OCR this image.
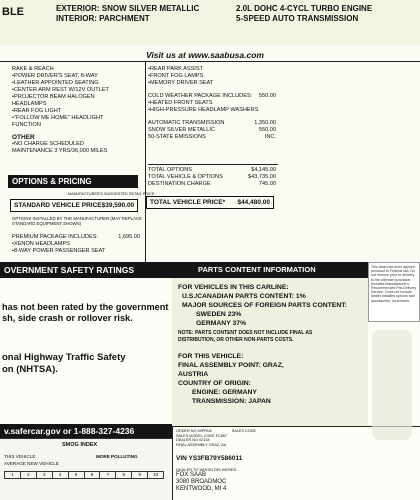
BLE	EXTERIOR: SNOW SILVER METALLIC
INTERIOR: PARCHMENT
2.0L DOHC 4-CYCL TURBO ENGINE
5-SPEED AUTO TRANSMISSION
Visit us at www.saabusa.com
RAKE & REACH
•POWER DRIVER'S SEAT, 8-WAY
•LEATHER APPOINTED SEATING
•CENTER ARM REST W/12V OUTLET
•PROJECTOR BEAM HALOGEN
HEADLAMPS
•REAR FOG LIGHT
•"FOLLOW ME HOME" HEADLIGHT
FUNCTION
OTHER
•NO CHARGE SCHEDULED
MAINTENANCE 3 YRS/36,000 MILES
OPTIONS & PRICING
MANUFACTURER'S SUGGESTED RETAIL PRICE
STANDARD VEHICLE PRICE $39,590.00
OPTIONS INSTALLED BY THE MANUFACTURER (MAY REPLACE
STANDARD EQUIPMENT SHOWN)
PREMIUM PACKAGE INCLUDES:	1,695.00
•XENON HEADLAMPS
•8-WAY POWER PASSENGER SEAT
•REAR PARK ASSIST
•FRONT FOG LAMPS
•MEMORY DRIVER SEAT
COLD WEATHER PACKAGE INCLUDES: 550.00
•HEATED FRONT SEATS
•HIGH-PRESSURE HEADLAMP WASHERS
AUTOMATIC TRANSMISSION	1,350.00
SNOW SILVER METALLIC	550.00
50-STATE EMISSIONS	INC.
TOTAL OPTIONS	$4,145.00
TOTAL VEHICLE & OPTIONS	$43,735.00
DESTINATION CHARGE	745.00
TOTAL VEHICLE PRICE* $44,480.00
OVERNMENT SAFETY RATINGS
has not been rated by the government
sh, side crash or rollover risk.
onal Highway Traffic Safety
on (NHTSA).
v.safercar.gov or 1-888-327-4236
SMOG INDEX
THIS VEHICLE
AVERAGE NEW VEHICLE
MORE POLLUTING
1	2	3	4	5	6	7	8	9	10
PARTS CONTENT INFORMATION
FOR VEHICLES IN THIS CARLINE:
U.S./CANADIAN PARTS CONTENT: 1%
MAJOR SOURCES OF FOREIGN PARTS CONTENT:
SWEDEN 23%
GERMANY 37%
NOTE: PARTS CONTENT DOES NOT INCLUDE FINAL AS
DISTRIBUTION, OR OTHER NON-PARTS COSTS.
FOR THIS VEHICLE:
FINAL ASSEMBLY POINT: GRAZ,
AUSTRIA
COUNTRY OF ORIGIN:
ENGINE: GERMANY
TRANSMISSION: JAPAN
ORDER NO MIPRN2	SALES CODE
SALES MODEL CODE FC867
DEALER NO 02134
FINAL ASSEMBLY GRAZ, AU
VIN YS3FB79Y586011
DEALER TO WHOM DELIVERED
FOX SAAB
3080 BROADMOC
KENTWOOD, MI 4
This label has been applied pursuant to Federal law. Do not remove prior to delivery to the ultimate purchaser. Includes Manufacturer's Recommended Pre-Delivery Service. Does not include dealer installed options and accessories, local taxes.
